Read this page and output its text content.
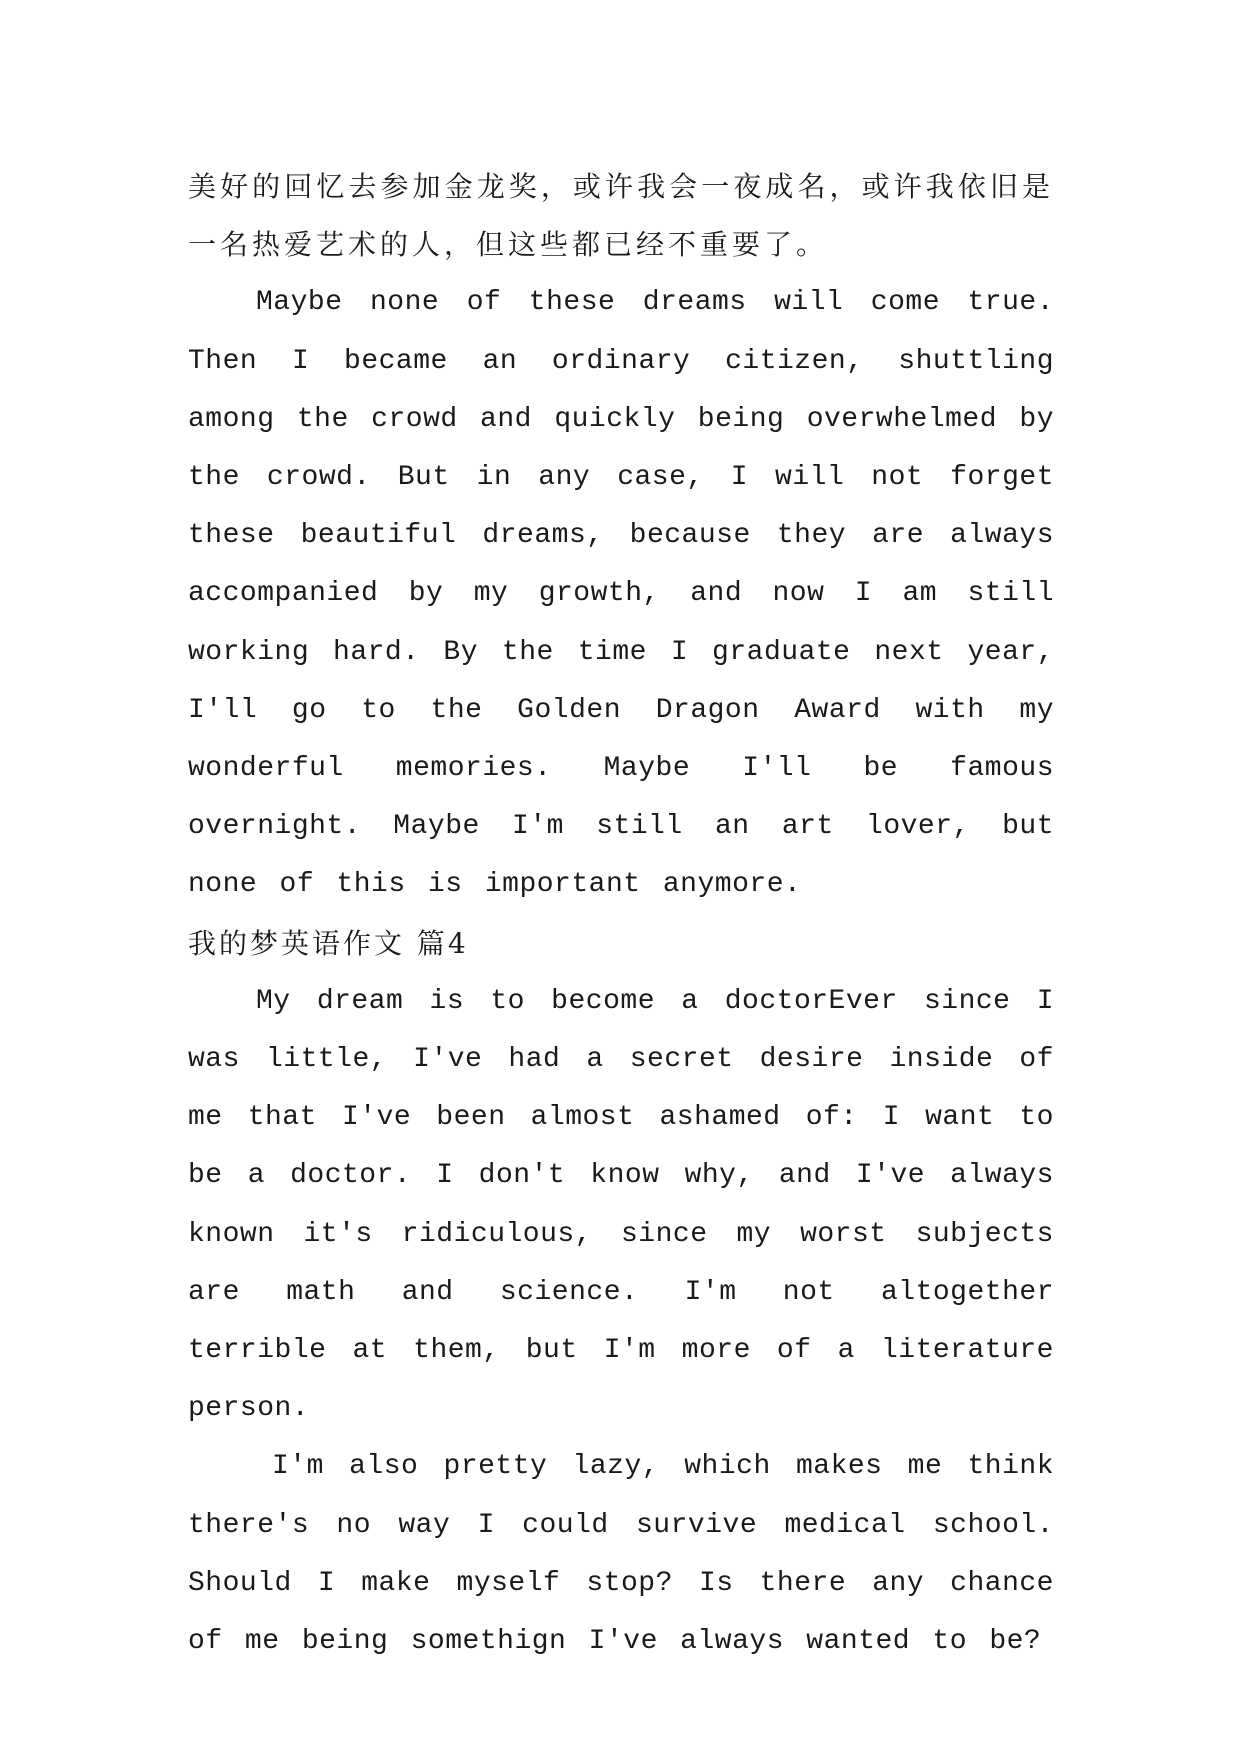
美好的回忆去参加金龙奖，或许我会一夜成名，或许我依旧是一名热爱艺术的人，但这些都已经不重要了。

Maybe none of these dreams will come true. Then I became an ordinary citizen, shuttling among the crowd and quickly being overwhelmed by the crowd. But in any case, I will not forget these beautiful dreams, because they are always accompanied by my growth, and now I am still working hard. By the time I graduate next year, I'll go to the Golden Dragon Award with my wonderful memories. Maybe I'll be famous overnight. Maybe I'm still an art lover, but none of this is important anymore.

我的梦英语作文 篇4

My dream is to become a doctorEver since I was little, I've had a secret desire inside of me that I've been almost ashamed of: I want to be a doctor. I don't know why, and I've always known it's ridiculous, since my worst subjects are math and science. I'm not altogether terrible at them, but I'm more of a literature person.

I'm also pretty lazy, which makes me think there's no way I could survive medical school. Should I make myself stop? Is there any chance of me being somethign I've always wanted to be?
